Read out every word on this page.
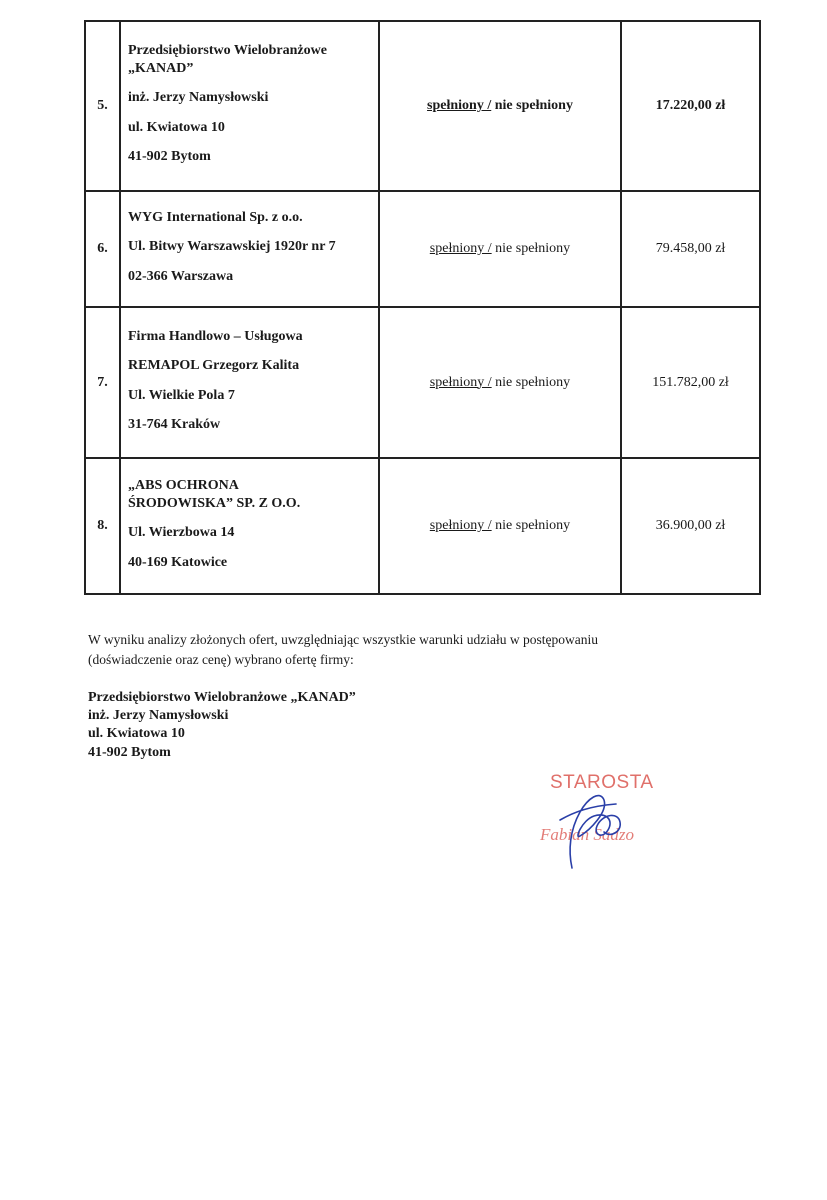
5.	Przedsiębiorstwo Wielobranżowe
„KANAD”
inż. Jerzy Namysłowski
ul. Kwiatowa 10
41-902 Bytom	spełniony / nie spełniony	17.220,00 zł
6.	WYG International Sp. z o.o.
Ul. Bitwy Warszawskiej 1920r nr 7
02-366 Warszawa	spełniony / nie spełniony	79.458,00 zł
7.	Firma Handlowo – Usługowa
REMAPOL Grzegorz Kalita
Ul. Wielkie Pola 7
31-764 Kraków	spełniony / nie spełniony	151.782,00 zł
8.	„ABS OCHRONA
ŚRODOWISKA” SP. Z O.O.
Ul. Wierzbowa 14
40-169 Katowice	spełniony / nie spełniony	36.900,00 zł
W wyniku analizy złożonych ofert, uwzględniając wszystkie warunki udziału w postępowaniu
(doświadczenie oraz cenę) wybrano ofertę firmy:
Przedsiębiorstwo Wielobranżowe „KANAD”
inż. Jerzy Namysłowski
ul. Kwiatowa 10
41-902 Bytom
STAROSTA
Fabian Sadzo
